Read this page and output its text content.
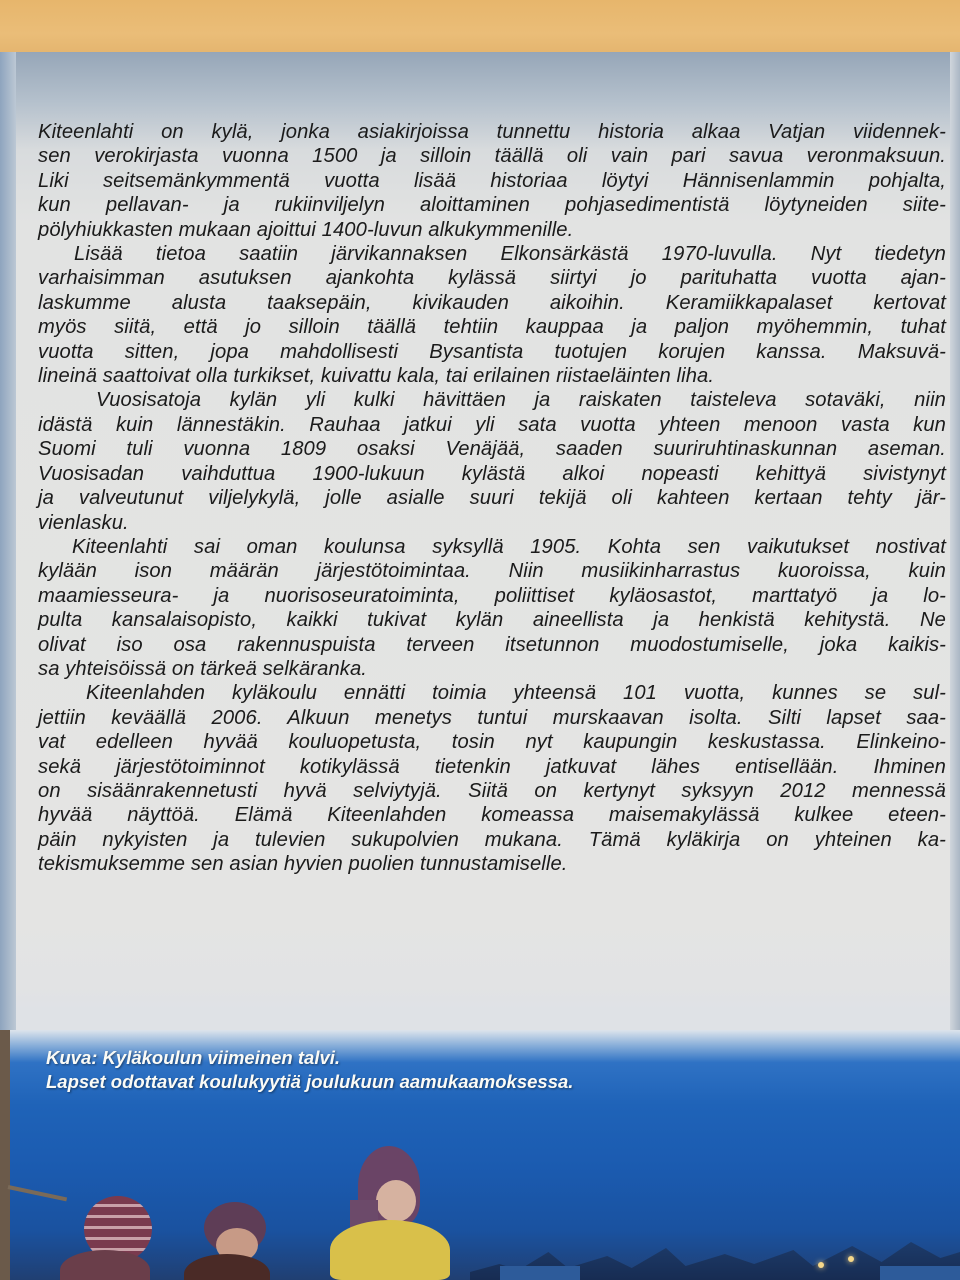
Kiteenlahti on kylä, jonka asiakirjoissa tunnettu historia alkaa Vatjan viidennek-
sen verokirjasta vuonna 1500 ja silloin täällä oli vain pari savua veronmaksuun.
Liki seitsemänkymmentä vuotta lisää historiaa löytyi Hännisenlammin pohjalta,
kun pellavan- ja rukiinviljelyn aloittaminen pohjasedimentistä löytyneiden siite-
pölyhiukkasten mukaan ajoittui 1400-luvun alkukymmenille.

Lisää tietoa saatiin järvikannaksen Elkonsärkästä 1970-luvulla. Nyt tiedetyn
varhaisimman asutuksen ajankohta kylässä siirtyi jo parituhatta vuotta ajan-
laskumme alusta taaksepäin, kivikauden aikoihin. Keramiikkapalaset kertovat
myös siitä, että jo silloin täällä tehtiin kauppaa ja paljon myöhemmin, tuhat
vuotta sitten, jopa mahdollisesti Bysantista tuotujen korujen kanssa. Maksuvä-
lineinä saattoivat olla turkikset, kuivattu kala, tai erilainen riistaeläinten liha.

Vuosisatoja kylän yli kulki hävittäen ja raiskaten taisteleva sotaväki, niin
idästä kuin lännestäkin. Rauhaa jatkui yli sata vuotta yhteen menoon vasta kun
Suomi tuli vuonna 1809 osaksi Venäjää, saaden suuriruhtinaskunnan aseman.
Vuosisadan vaihduttua 1900-lukuun kylästä alkoi nopeasti kehittyä sivistynyt
ja valveutunut viljelykylä, jolle asialle suuri tekijä oli kahteen kertaan tehty jär-
vienlasku.

Kiteenlahti sai oman koulunsa syksyllä 1905. Kohta sen vaikutukset nostivat
kylään ison määrän järjestötoimintaa. Niin musiikinharrastus kuoroissa, kuin
maamiesseura- ja nuorisoseuratoiminta, poliittiset kyläosastot, marttatyö ja lo-
pulta kansalaisopisto, kaikki tukivat kylän aineellista ja henkistä kehitystä. Ne
olivat iso osa rakennuspuista terveen itsetunnon muodostumiselle, joka kaikis-
sa yhteisöissä on tärkeä selkäranka.

Kiteenlahden kyläkoulu ennätti toimia yhteensä 101 vuotta, kunnes se sul-
jettiin keväällä 2006. Alkuun menetys tuntui murskaavan isolta. Silti lapset saa-
vat edelleen hyvää kouluopetusta, tosin nyt kaupungin keskustassa. Elinkeino-
sekä järjestötoiminnot kotikylässä tietenkin jatkuvat lähes entisellään. Ihminen
on sisäänrakennetusti hyvä selviytyjä. Siitä on kertynyt syksyyn 2012 mennessä
hyvää näyttöä. Elämä Kiteenlahden komeassa maisemakylässä kulkee eteen-
päin nykyisten ja tulevien sukupolvien mukana. Tämä kyläkirja on yhteinen ka-
tekismuksemme sen asian hyvien puolien tunnustamiselle.

Kuva: Kyläkoulun viimeinen talvi.
Lapset odottavat koulukyytiä joulukuun aamukaamoksessa.
